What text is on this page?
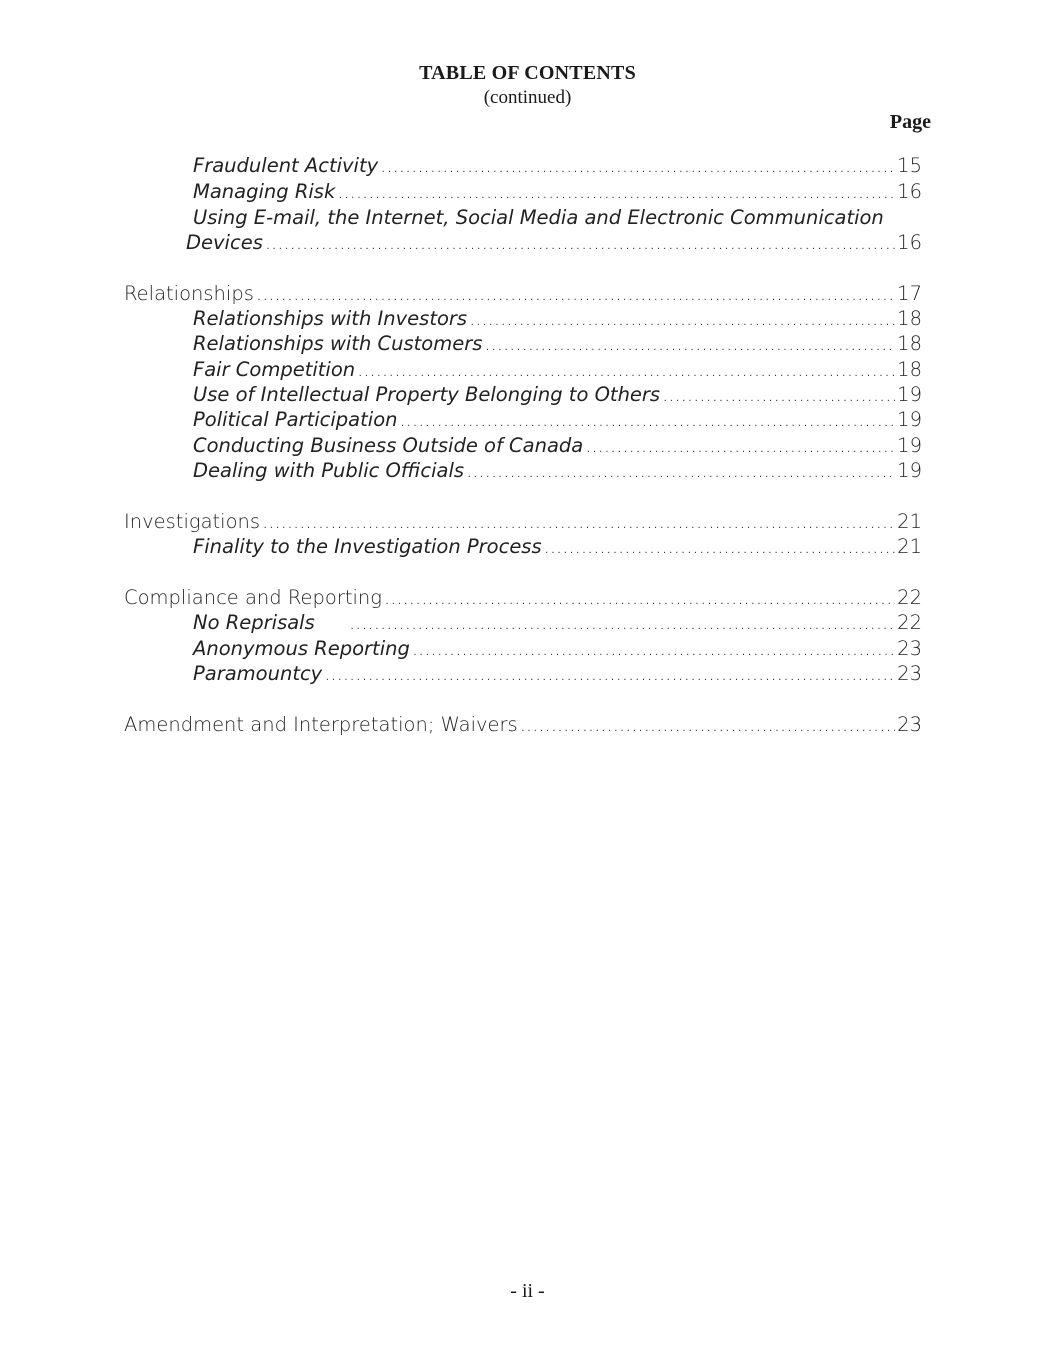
TABLE OF CONTENTS
(continued)
Page
Fraudulent Activity .....	15
Managing Risk .....	16
Using E-mail, the Internet, Social Media and Electronic Communication
Devices .....	16
Relationships .....	17
Relationships with Investors .....	18
Relationships with Customers .....	18
Fair Competition .....	18
Use of Intellectual Property Belonging to Others .....	19
Political Participation .....	19
Conducting Business Outside of Canada .....	19
Dealing with Public Officials .....	19
Investigations .....	21
Finality to the Investigation Process .....	21
Compliance and Reporting .....	22
No Reprisals .....	22
Anonymous Reporting .....	23
Paramountcy .....	23
Amendment and Interpretation; Waivers .....	23
- ii -
